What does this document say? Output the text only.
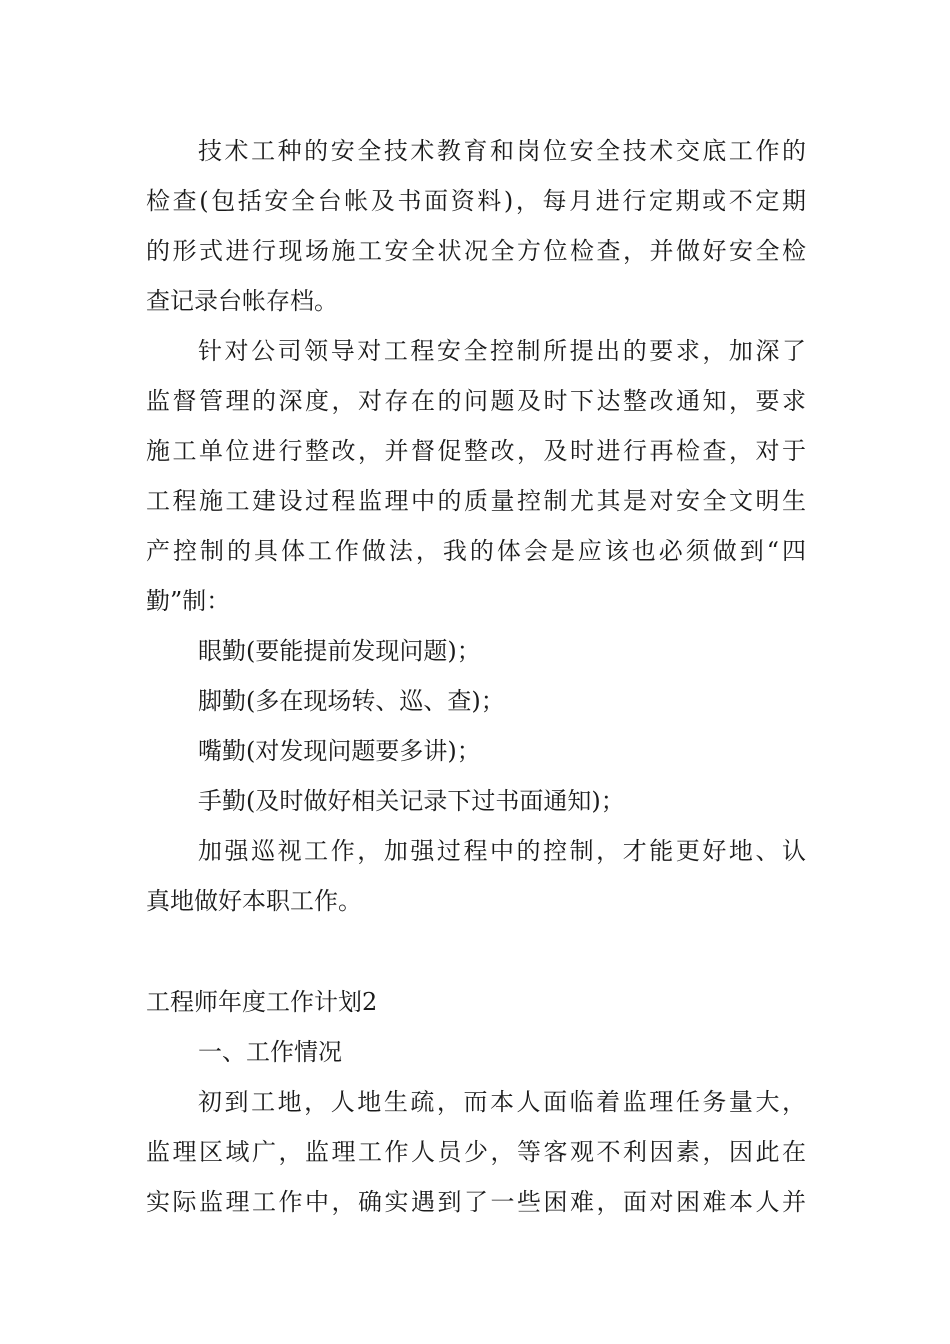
技术工种的安全技术教育和岗位安全技术交底工作的
检查(包括安全台帐及书面资料)，每月进行定期或不定期
的形式进行现场施工安全状况全方位检查，并做好安全检
查记录台帐存档。
针对公司领导对工程安全控制所提出的要求，加深了
监督管理的深度，对存在的问题及时下达整改通知，要求
施工单位进行整改，并督促整改，及时进行再检查，对于
工程施工建设过程监理中的质量控制尤其是对安全文明生
产控制的具体工作做法，我的体会是应该也必须做到“四
勤”制：
眼勤(要能提前发现问题)；
脚勤(多在现场转、巡、查)；
嘴勤(对发现问题要多讲)；
手勤(及时做好相关记录下过书面通知)；
加强巡视工作，加强过程中的控制，才能更好地、认
真地做好本职工作。
工程师年度工作计划2
一、工作情况
初到工地，人地生疏，而本人面临着监理任务量大，
监理区域广，监理工作人员少，等客观不利因素，因此在
实际监理工作中，确实遇到了一些困难，面对困难本人并
